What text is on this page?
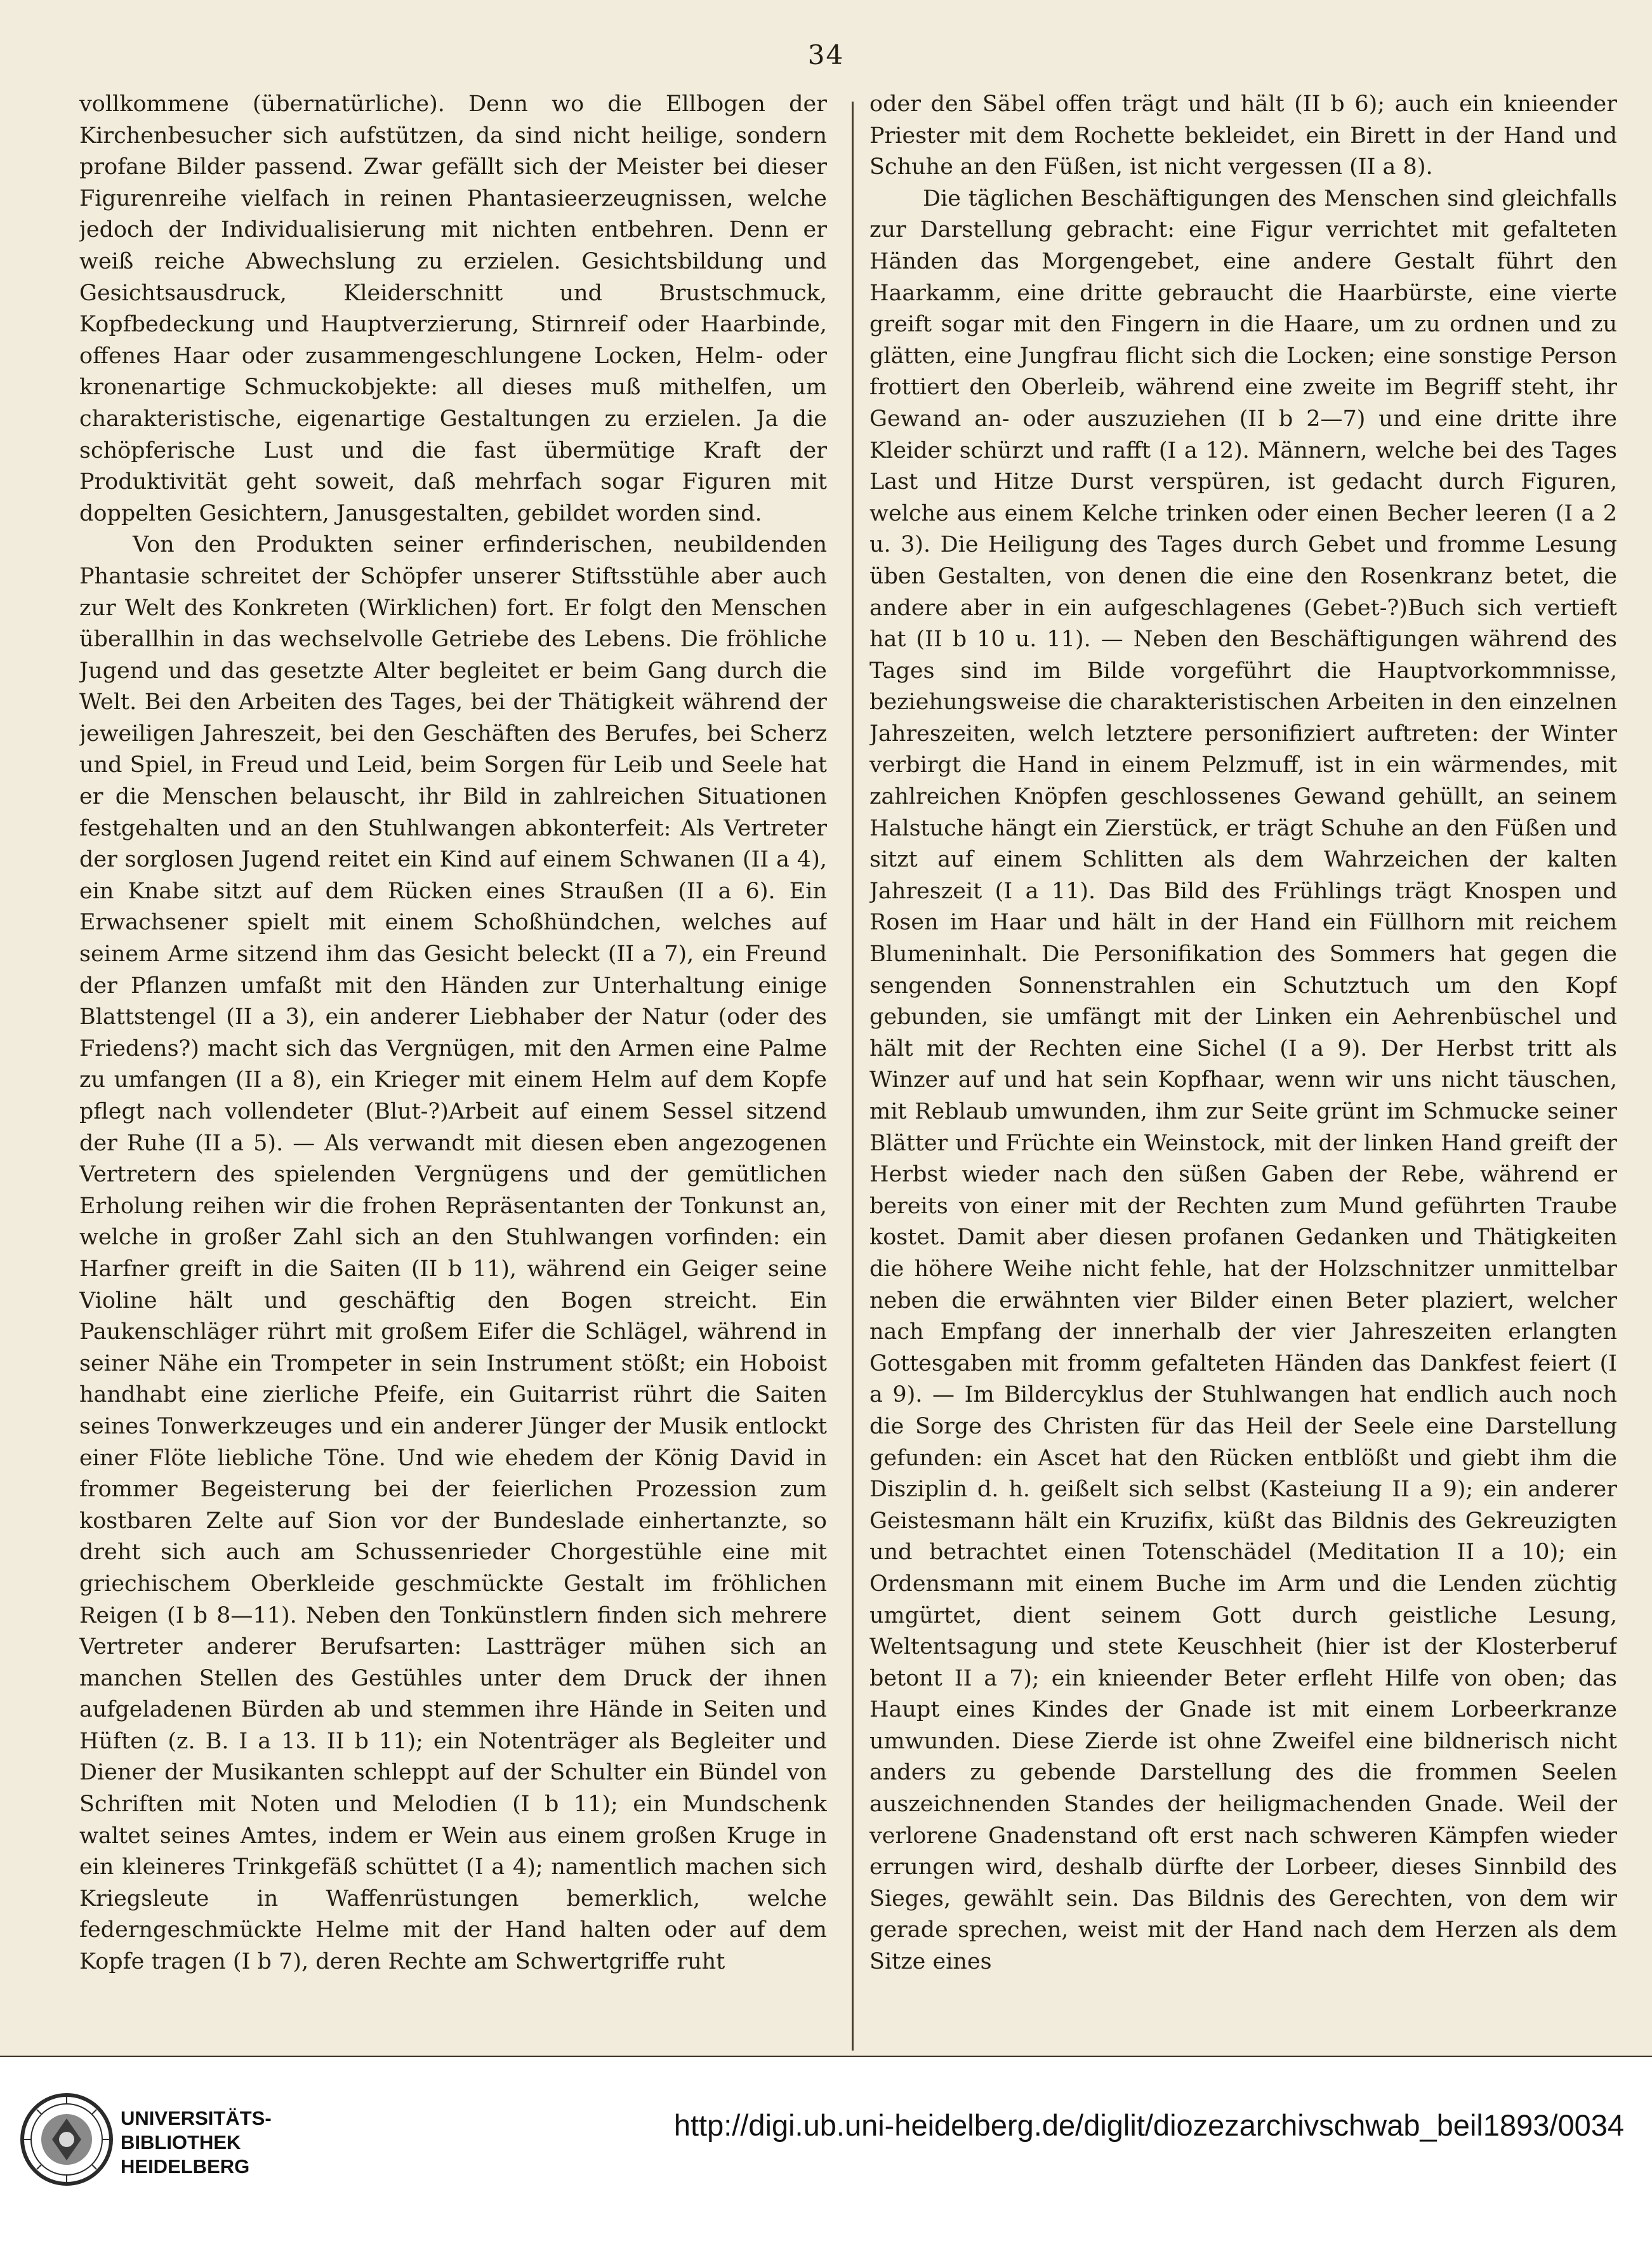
34

vollkommene (übernatürliche). Denn wo die Ellbogen der Kirchenbesucher sich aufstützen, da sind nicht heilige, sondern profane Bilder passend. Zwar gefällt sich der Meister bei dieser Figurenreihe vielfach in reinen Phantasieerzeugnissen, welche jedoch der Individualisierung mit nichten entbehren. Denn er weiß reiche Abwechslung zu erzielen. Gesichtsbildung und Gesichtsausdruck, Kleiderschnitt und Brustschmuck, Kopfbedeckung und Hauptverzierung, Stirnreif oder Haarbinde, offenes Haar oder zusammengeschlungene Locken, Helm- oder kronenartige Schmuckobjekte: all dieses muß mithelfen, um charakteristische, eigenartige Gestaltungen zu erzielen. Ja die schöpferische Lust und die fast übermütige Kraft der Produktivität geht soweit, daß mehrfach sogar Figuren mit doppelten Gesichtern, Janusgestalten, gebildet worden sind.

Von den Produkten seiner erfinderischen, neubildenden Phantasie schreitet der Schöpfer unserer Stiftsstühle aber auch zur Welt des Konkreten (Wirklichen) fort. Er folgt den Menschen überallhin in das wechselvolle Getriebe des Lebens. Die fröhliche Jugend und das gesetzte Alter begleitet er beim Gang durch die Welt. Bei den Arbeiten des Tages, bei der Thätigkeit während der jeweiligen Jahreszeit, bei den Geschäften des Berufes, bei Scherz und Spiel, in Freud und Leid, beim Sorgen für Leib und Seele hat er die Menschen belauscht, ihr Bild in zahlreichen Situationen festgehalten und an den Stuhlwangen abkonterfeit: Als Vertreter der sorglosen Jugend reitet ein Kind auf einem Schwanen (II a 4), ein Knabe sitzt auf dem Rücken eines Straußen (II a 6). Ein Erwachsener spielt mit einem Schoßhündchen, welches auf seinem Arme sitzend ihm das Gesicht beleckt (II a 7), ein Freund der Pflanzen umfaßt mit den Händen zur Unterhaltung einige Blattstengel (II a 3), ein anderer Liebhaber der Natur (oder des Friedens?) macht sich das Vergnügen, mit den Armen eine Palme zu umfangen (II a 8), ein Krieger mit einem Helm auf dem Kopfe pflegt nach vollendeter (Blut-?)Arbeit auf einem Sessel sitzend der Ruhe (II a 5). — Als verwandt mit diesen eben angezogenen Vertretern des spielenden Vergnügens und der gemütlichen Erholung reihen wir die frohen Repräsentanten der Tonkunst an, welche in großer Zahl sich an den Stuhlwangen vorfinden: ein Harfner greift in die Saiten (II b 11), während ein Geiger seine Violine hält und geschäftig den Bogen streicht. Ein Paukenschläger rührt mit großem Eifer die Schlägel, während in seiner Nähe ein Trompeter in sein Instrument stößt; ein Hoboist handhabt eine zierliche Pfeife, ein Guitarrist rührt die Saiten seines Tonwerkzeuges und ein anderer Jünger der Musik entlockt einer Flöte liebliche Töne. Und wie ehedem der König David in frommer Begeisterung bei der feierlichen Prozession zum kostbaren Zelte auf Sion vor der Bundeslade einhertanzte, so dreht sich auch am Schussenrieder Chorgestühle eine mit griechischem Oberkleide geschmückte Gestalt im fröhlichen Reigen (I b 8—11). Neben den Tonkünstlern finden sich mehrere Vertreter anderer Berufsarten: Lastträger mühen sich an manchen Stellen des Gestühles unter dem Druck der ihnen aufgeladenen Bürden ab und stemmen ihre Hände in Seiten und Hüften (z. B. I a 13. II b 11); ein Notenträger als Begleiter und Diener der Musikanten schleppt auf der Schulter ein Bündel von Schriften mit Noten und Melodien (I b 11); ein Mundschenk waltet seines Amtes, indem er Wein aus einem großen Kruge in ein kleineres Trinkgefäß schüttet (I a 4); namentlich machen sich Kriegsleute in Waffenrüstungen bemerklich, welche federngeschmückte Helme mit der Hand halten oder auf dem Kopfe tragen (I b 7), deren Rechte am Schwertgriffe ruht

oder den Säbel offen trägt und hält (II b 6); auch ein knieender Priester mit dem Rochette bekleidet, ein Birett in der Hand und Schuhe an den Füßen, ist nicht vergessen (II a 8).

Die täglichen Beschäftigungen des Menschen sind gleichfalls zur Darstellung gebracht: eine Figur verrichtet mit gefalteten Händen das Morgengebet, eine andere Gestalt führt den Haarkamm, eine dritte gebraucht die Haarbürste, eine vierte greift sogar mit den Fingern in die Haare, um zu ordnen und zu glätten, eine Jungfrau flicht sich die Locken; eine sonstige Person frottiert den Oberleib, während eine zweite im Begriff steht, ihr Gewand an- oder auszuziehen (II b 2—7) und eine dritte ihre Kleider schürzt und rafft (I a 12). Männern, welche bei des Tages Last und Hitze Durst verspüren, ist gedacht durch Figuren, welche aus einem Kelche trinken oder einen Becher leeren (I a 2 u. 3). Die Heiligung des Tages durch Gebet und fromme Lesung üben Gestalten, von denen die eine den Rosenkranz betet, die andere aber in ein aufgeschlagenes (Gebet-?)Buch sich vertieft hat (II b 10 u. 11). — Neben den Beschäftigungen während des Tages sind im Bilde vorgeführt die Hauptvorkommnisse, beziehungsweise die charakteristischen Arbeiten in den einzelnen Jahreszeiten, welch letztere personifiziert auftreten: der Winter verbirgt die Hand in einem Pelzmuff, ist in ein wärmendes, mit zahlreichen Knöpfen geschlossenes Gewand gehüllt, an seinem Halstuche hängt ein Zierstück, er trägt Schuhe an den Füßen und sitzt auf einem Schlitten als dem Wahrzeichen der kalten Jahreszeit (I a 11). Das Bild des Frühlings trägt Knospen und Rosen im Haar und hält in der Hand ein Füllhorn mit reichem Blumeninhalt. Die Personifikation des Sommers hat gegen die sengenden Sonnenstrahlen ein Schutztuch um den Kopf gebunden, sie umfängt mit der Linken ein Aehrenbüschel und hält mit der Rechten eine Sichel (I a 9). Der Herbst tritt als Winzer auf und hat sein Kopfhaar, wenn wir uns nicht täuschen, mit Reblaub umwunden, ihm zur Seite grünt im Schmucke seiner Blätter und Früchte ein Weinstock, mit der linken Hand greift der Herbst wieder nach den süßen Gaben der Rebe, während er bereits von einer mit der Rechten zum Mund geführten Traube kostet. Damit aber diesen profanen Gedanken und Thätigkeiten die höhere Weihe nicht fehle, hat der Holzschnitzer unmittelbar neben die erwähnten vier Bilder einen Beter plaziert, welcher nach Empfang der innerhalb der vier Jahreszeiten erlangten Gottesgaben mit fromm gefalteten Händen das Dankfest feiert (I a 9). — Im Bildercyklus der Stuhlwangen hat endlich auch noch die Sorge des Christen für das Heil der Seele eine Darstellung gefunden: ein Ascet hat den Rücken entblößt und giebt ihm die Disziplin d. h. geißelt sich selbst (Kasteiung II a 9); ein anderer Geistesmann hält ein Kruzifix, küßt das Bildnis des Gekreuzigten und betrachtet einen Totenschädel (Meditation II a 10); ein Ordensmann mit einem Buche im Arm und die Lenden züchtig umgürtet, dient seinem Gott durch geistliche Lesung, Weltentsagung und stete Keuschheit (hier ist der Klosterberuf betont II a 7); ein knieender Beter erfleht Hilfe von oben; das Haupt eines Kindes der Gnade ist mit einem Lorbeerkranze umwunden. Diese Zierde ist ohne Zweifel eine bildnerisch nicht anders zu gebende Darstellung des die frommen Seelen auszeichnenden Standes der heiligmachenden Gnade. Weil der verlorene Gnadenstand oft erst nach schweren Kämpfen wieder errungen wird, deshalb dürfte der Lorbeer, dieses Sinnbild des Sieges, gewählt sein. Das Bildnis des Gerechten, von dem wir gerade sprechen, weist mit der Hand nach dem Herzen als dem Sitze eines

UNIVERSITÄTS-
BIBLIOTHEK
HEIDELBERG
http://digi.ub.uni-heidelberg.de/diglit/diozezarchivschwab_beil1893/0034
